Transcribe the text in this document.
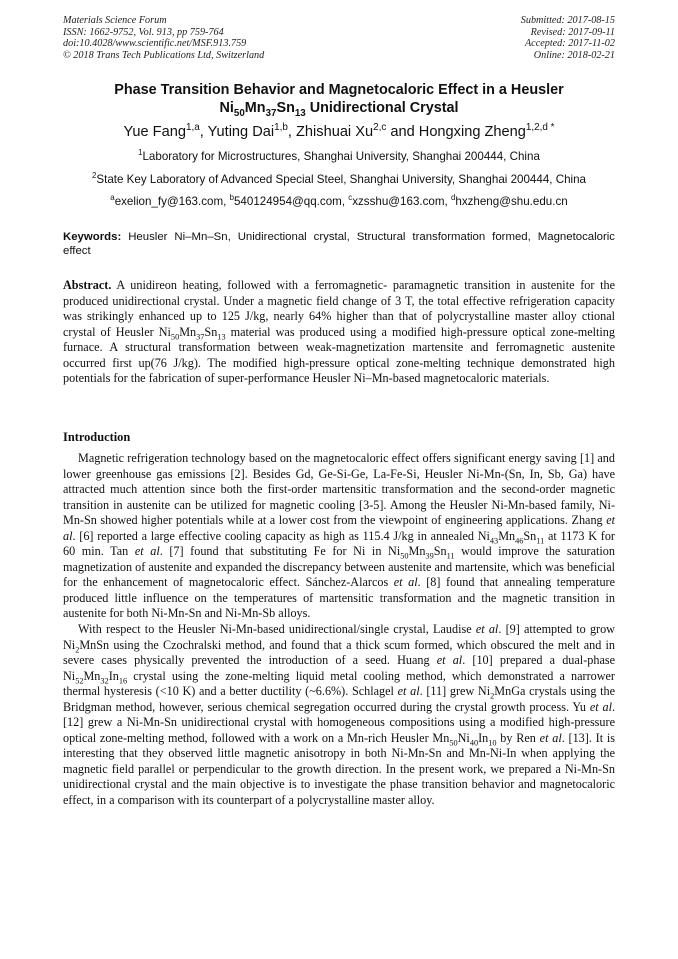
Materials Science Forum
ISSN: 1662-9752, Vol. 913, pp 759-764
doi:10.4028/www.scientific.net/MSF.913.759
© 2018 Trans Tech Publications Ltd, Switzerland
Submitted: 2017-08-15
Revised: 2017-09-11
Accepted: 2017-11-02
Online: 2018-02-21
Phase Transition Behavior and Magnetocaloric Effect in a Heusler
$Ni_{50}Mn_{37}Sn_{13}$ Unidirectional Crystal
Yue Fang$^{1,a}$, Yuting Dai$^{1,b}$, Zhishuai Xu$^{2,c}$ and Hongxing Zheng$^{1,2,d *}$
$^1$Laboratory for Microstructures, Shanghai University, Shanghai 200444, China
$^2$State Key Laboratory of Advanced Special Steel, Shanghai University, Shanghai 200444, China
$^a$exelion_fy@163.com, $^b$540124954@qq.com, $^c$xzsshu@163.com, $^d$hxzheng@shu.edu.cn
Keywords: Heusler Ni–Mn–Sn, Unidirectional crystal, Structural transformation formed, Magnetocaloric effect
Abstract. A unidireon heating, followed with a ferromagnetic- paramagnetic transition in austenite for the produced unidirectional crystal. Under a magnetic field change of 3 T, the total effective refrigeration capacity was strikingly enhanced up to 125 J/kg, nearly 64% higher than that of polycrystalline master alloy ctional crystal of Heusler $Ni_{50}Mn_{37}Sn_{13}$ material was produced using a modified high-pressure optical zone-melting furnace. A structural transformation between weak-magnetization martensite and ferromagnetic austenite occurred first up(76 J/kg). The modified high-pressure optical zone-melting technique demonstrated high potentials for the fabrication of super-performance Heusler Ni–Mn-based magnetocaloric materials.
Introduction

Magnetic refrigeration technology based on the magnetocaloric effect offers significant energy saving [1] and lower greenhouse gas emissions [2]. Besides Gd, Ge-Si-Ge, La-Fe-Si, Heusler Ni-Mn-(Sn, In, Sb, Ga) have attracted much attention since both the first-order martensitic transformation and the second-order magnetic transition in austenite can be utilized for magnetic cooling [3-5]. Among the Heusler Ni-Mn-based family, Ni-Mn-Sn showed higher potentials while at a lower cost from the viewpoint of engineering applications. Zhang et al. [6] reported a large effective cooling capacity as high as 115.4 J/kg in annealed $Ni_{43}Mn_{46}Sn_{11}$ at 1173 K for 60 min. Tan et al. [7] found that substituting Fe for Ni in $Ni_{50}Mn_{39}Sn_{11}$ would improve the saturation magnetization of austenite and expanded the discrepancy between austenite and martensite, which was beneficial for the enhancement of magnetocaloric effect. Sánchez-Alarcos et al. [8] found that annealing temperature produced little influence on the temperatures of martensitic transformation and the magnetic transition in austenite for both Ni-Mn-Sn and Ni-Mn-Sb alloys.

With respect to the Heusler Ni-Mn-based unidirectional/single crystal, Laudise et al. [9] attempted to grow $Ni_2MnSn$ using the Czochralski method, and found that a thick scum formed, which obscured the melt and in severe cases physically prevented the introduction of a seed. Huang et al. [10] prepared a dual-phase $Ni_{52}Mn_{32}In_{16}$ crystal using the zone-melting liquid metal cooling method, which demonstrated a narrower thermal hysteresis (<10 K) and a better ductility (~6.6%). Schlagel et al. [11] grew $Ni_2MnGa$ crystals using the Bridgman method, however, serious chemical segregation occurred during the crystal growth process. Yu et al. [12] grew a Ni-Mn-Sn unidirectional crystal with homogeneous compositions using a modified high-pressure optical zone-melting method, followed with a work on a Mn-rich Heusler $Mn_{50}Ni_{40}In_{10}$ by Ren et al. [13]. It is interesting that they observed little magnetic anisotropy in both Ni-Mn-Sn and Mn-Ni-In when applying the magnetic field parallel or perpendicular to the growth direction. In the present work, we prepared a Ni-Mn-Sn unidirectional crystal and the main objective is to investigate the phase transition behavior and magnetocaloric effect, in a comparison with its counterpart of a polycrystalline master alloy.
